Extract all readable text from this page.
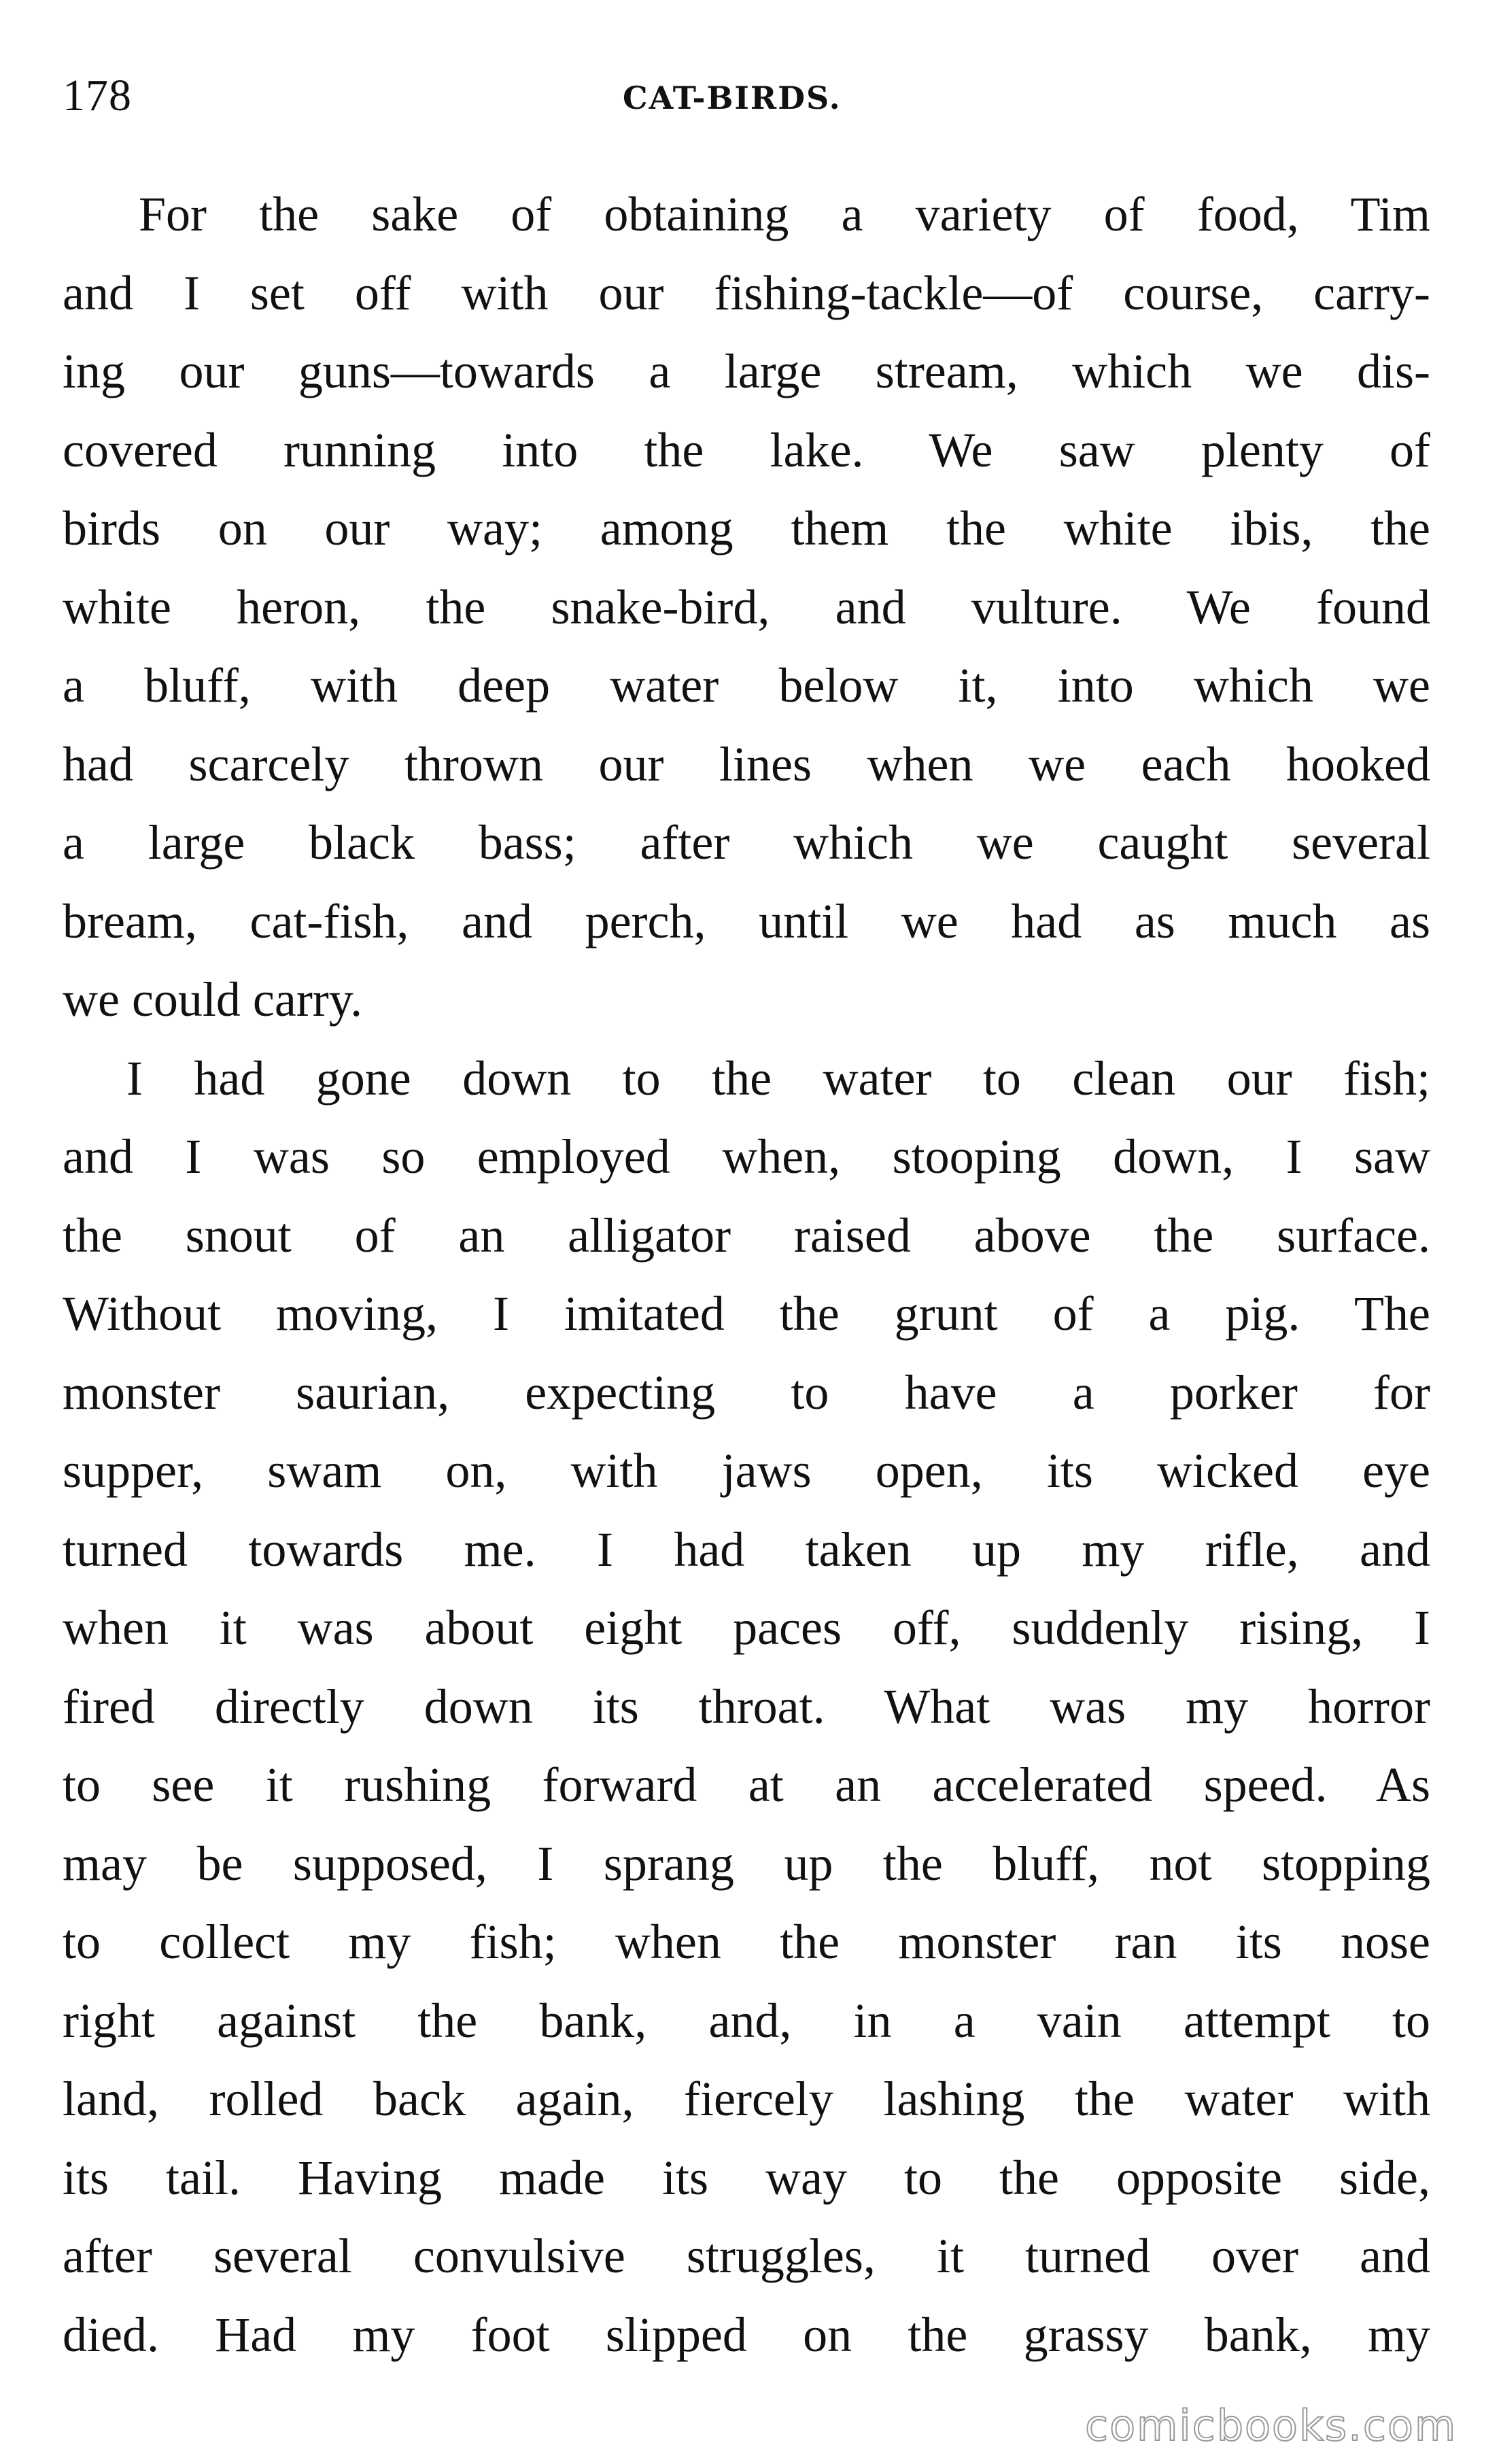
178	CAT-BIRDS.
For the sake of obtaining a variety of food, Tim
and I set off with our fishing-tackle—of course, carry-
ing our guns—towards a large stream, which we dis-
covered running into the lake. We saw plenty of
birds on our way; among them the white ibis, the
white heron, the snake-bird, and vulture. We found
a bluff, with deep water below it, into which we
had scarcely thrown our lines when we each hooked
a large black bass; after which we caught several
bream, cat-fish, and perch, until we had as much as
we could carry.
I had gone down to the water to clean our fish;
and I was so employed when, stooping down, I saw
the snout of an alligator raised above the surface.
Without moving, I imitated the grunt of a pig. The
monster saurian, expecting to have a porker for
supper, swam on, with jaws open, its wicked eye
turned towards me. I had taken up my rifle, and
when it was about eight paces off, suddenly rising, I
fired directly down its throat. What was my horror
to see it rushing forward at an accelerated speed. As
may be supposed, I sprang up the bluff, not stopping
to collect my fish; when the monster ran its nose
right against the bank, and, in a vain attempt to
land, rolled back again, fiercely lashing the water with
its tail. Having made its way to the opposite side,
after several convulsive struggles, it turned over and
died. Had my foot slipped on the grassy bank, my
comicbooks.com
